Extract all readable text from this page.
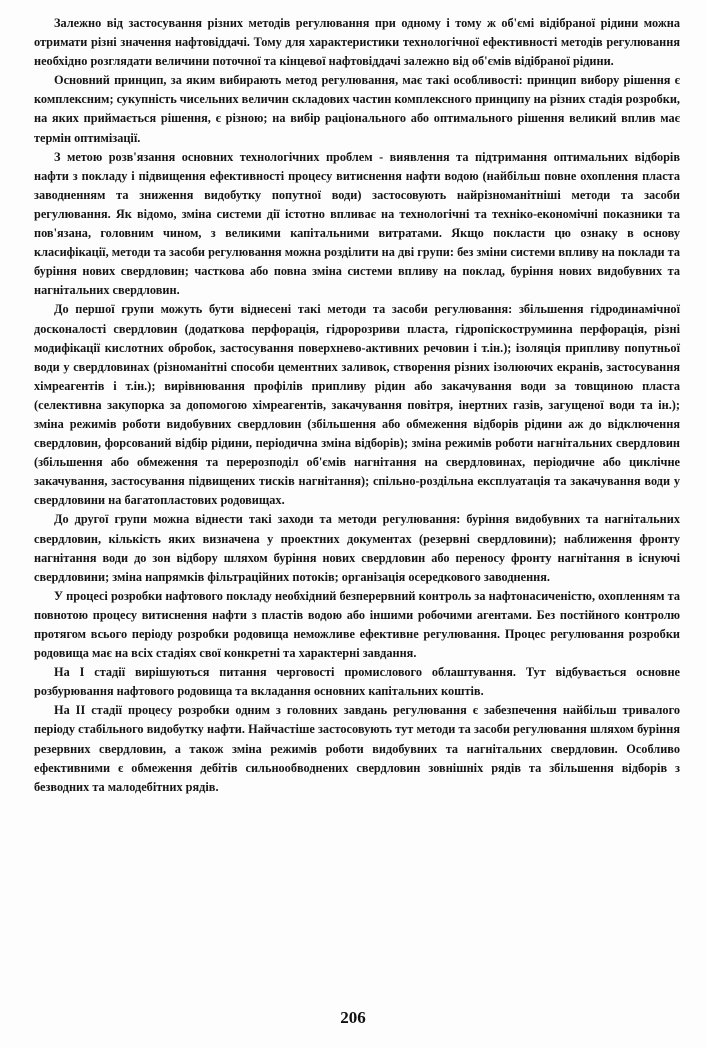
Залежно від застосування різних методів регулювання при одному і тому ж об'ємі відібраної рідини можна отримати різні значення нафтовіддачі. Тому для характеристики технологічної ефективності методів регулювання необхідно розглядати величини поточної та кінцевої нафтовіддачі залежно від об'ємів відібраної рідини.

Основний принцип, за яким вибирають метод регулювання, має такі особливості: принцип вибору рішення є комплексним; сукупність чисельних величин складових частин комплексного принципу на різних стадія розробки, на яких приймається рішення, є різною; на вибір раціонального або оптимального рішення великий вплив має термін оптимізації.

З метою розв'язання основних технологічних проблем - виявлення та підтримання оптимальних відборів нафти з покладу і підвищення ефективності процесу витиснення нафти водою (найбільш повне охоплення пласта заводненням та зниження видобутку попутної води) застосовують найрізноманітніші методи та засоби регулювання. Як відомо, зміна системи дії істотно впливає на технологічні та техніко-економічні показники та пов'язана, головним чином, з великими капітальними витратами. Якщо покласти цю ознаку в основу класифікації, методи та засоби регулювання можна розділити на дві групи: без зміни системи впливу на поклади та буріння нових свердловин; часткова або повна зміна системи впливу на поклад, буріння нових видобувних та нагнітальних свердловин.

До першої групи можуть бути віднесені такі методи та засоби регулювання: збільшення гідродинамічної досконалості свердловин (додаткова перфорація, гідророзриви пласта, гідропіскоструминна перфорація, різні модифікації кислотних обробок, застосування поверхнево-активних речовин і т.ін.); ізоляція припливу попутньої води у свердловинах (різноманітні способи цементних заливок, створення різних ізолюючих екранів, застосування хімреагентів і т.ін.); вирівнювання профілів припливу рідин або закачування води за товщиною пласта (селективна закупорка за допомогою хімреагентів, закачування повітря, інертних газів, загущеної води та ін.); зміна режимів роботи видобувних свердловин (збільшення або обмеження відборів рідини аж до відключення свердловин, форсований відбір рідини, періодична зміна відборів); зміна режимів роботи нагнітальних свердловин (збільшення або обмеження та перерозподіл об'ємів нагнітання на свердловинах, періодичне або циклічне закачування, застосування підвищених тисків нагнітання); спільно-роздільна експлуатація та закачування води у свердловини на багатопластових родовищах.

До другої групи можна віднести такі заходи та методи регулювання: буріння видобувних та нагнітальних свердловин, кількість яких визначена у проектних документах (резервні свердловини); наближення фронту нагнітання води до зон відбору шляхом буріння нових свердловин або переносу фронту нагнітання в існуючі свердловини; зміна напрямків фільтраційних потоків; організація осередкового заводнення.

У процесі розробки нафтового покладу необхідний безперервний контроль за нафтонасиченістю, охопленням та повнотою процесу витиснення нафти з пластів водою або іншими робочими агентами. Без постійного контролю протягом всього періоду розробки родовища неможливе ефективне регулювання. Процес регулювання розробки родовища має на всіх стадіях свої конкретні та характерні завдання.

На I стадії вирішуються питання черговості промислового облаштування. Тут відбувається основне розбурювання нафтового родовища та вкладання основних капітальних коштів.

На II стадії процесу розробки одним з головних завдань регулювання є забезпечення найбільш тривалого періоду стабільного видобутку нафти. Найчастіше застосовують тут методи та засоби регулювання шляхом буріння резервних свердловин, а також зміна режимів роботи видобувних та нагнітальних свердловин. Особливо ефективними є обмеження дебітів сильнообводнених свердловин зовнішніх рядів та збільшення відборів з безводних та малодебітних рядів.

206
